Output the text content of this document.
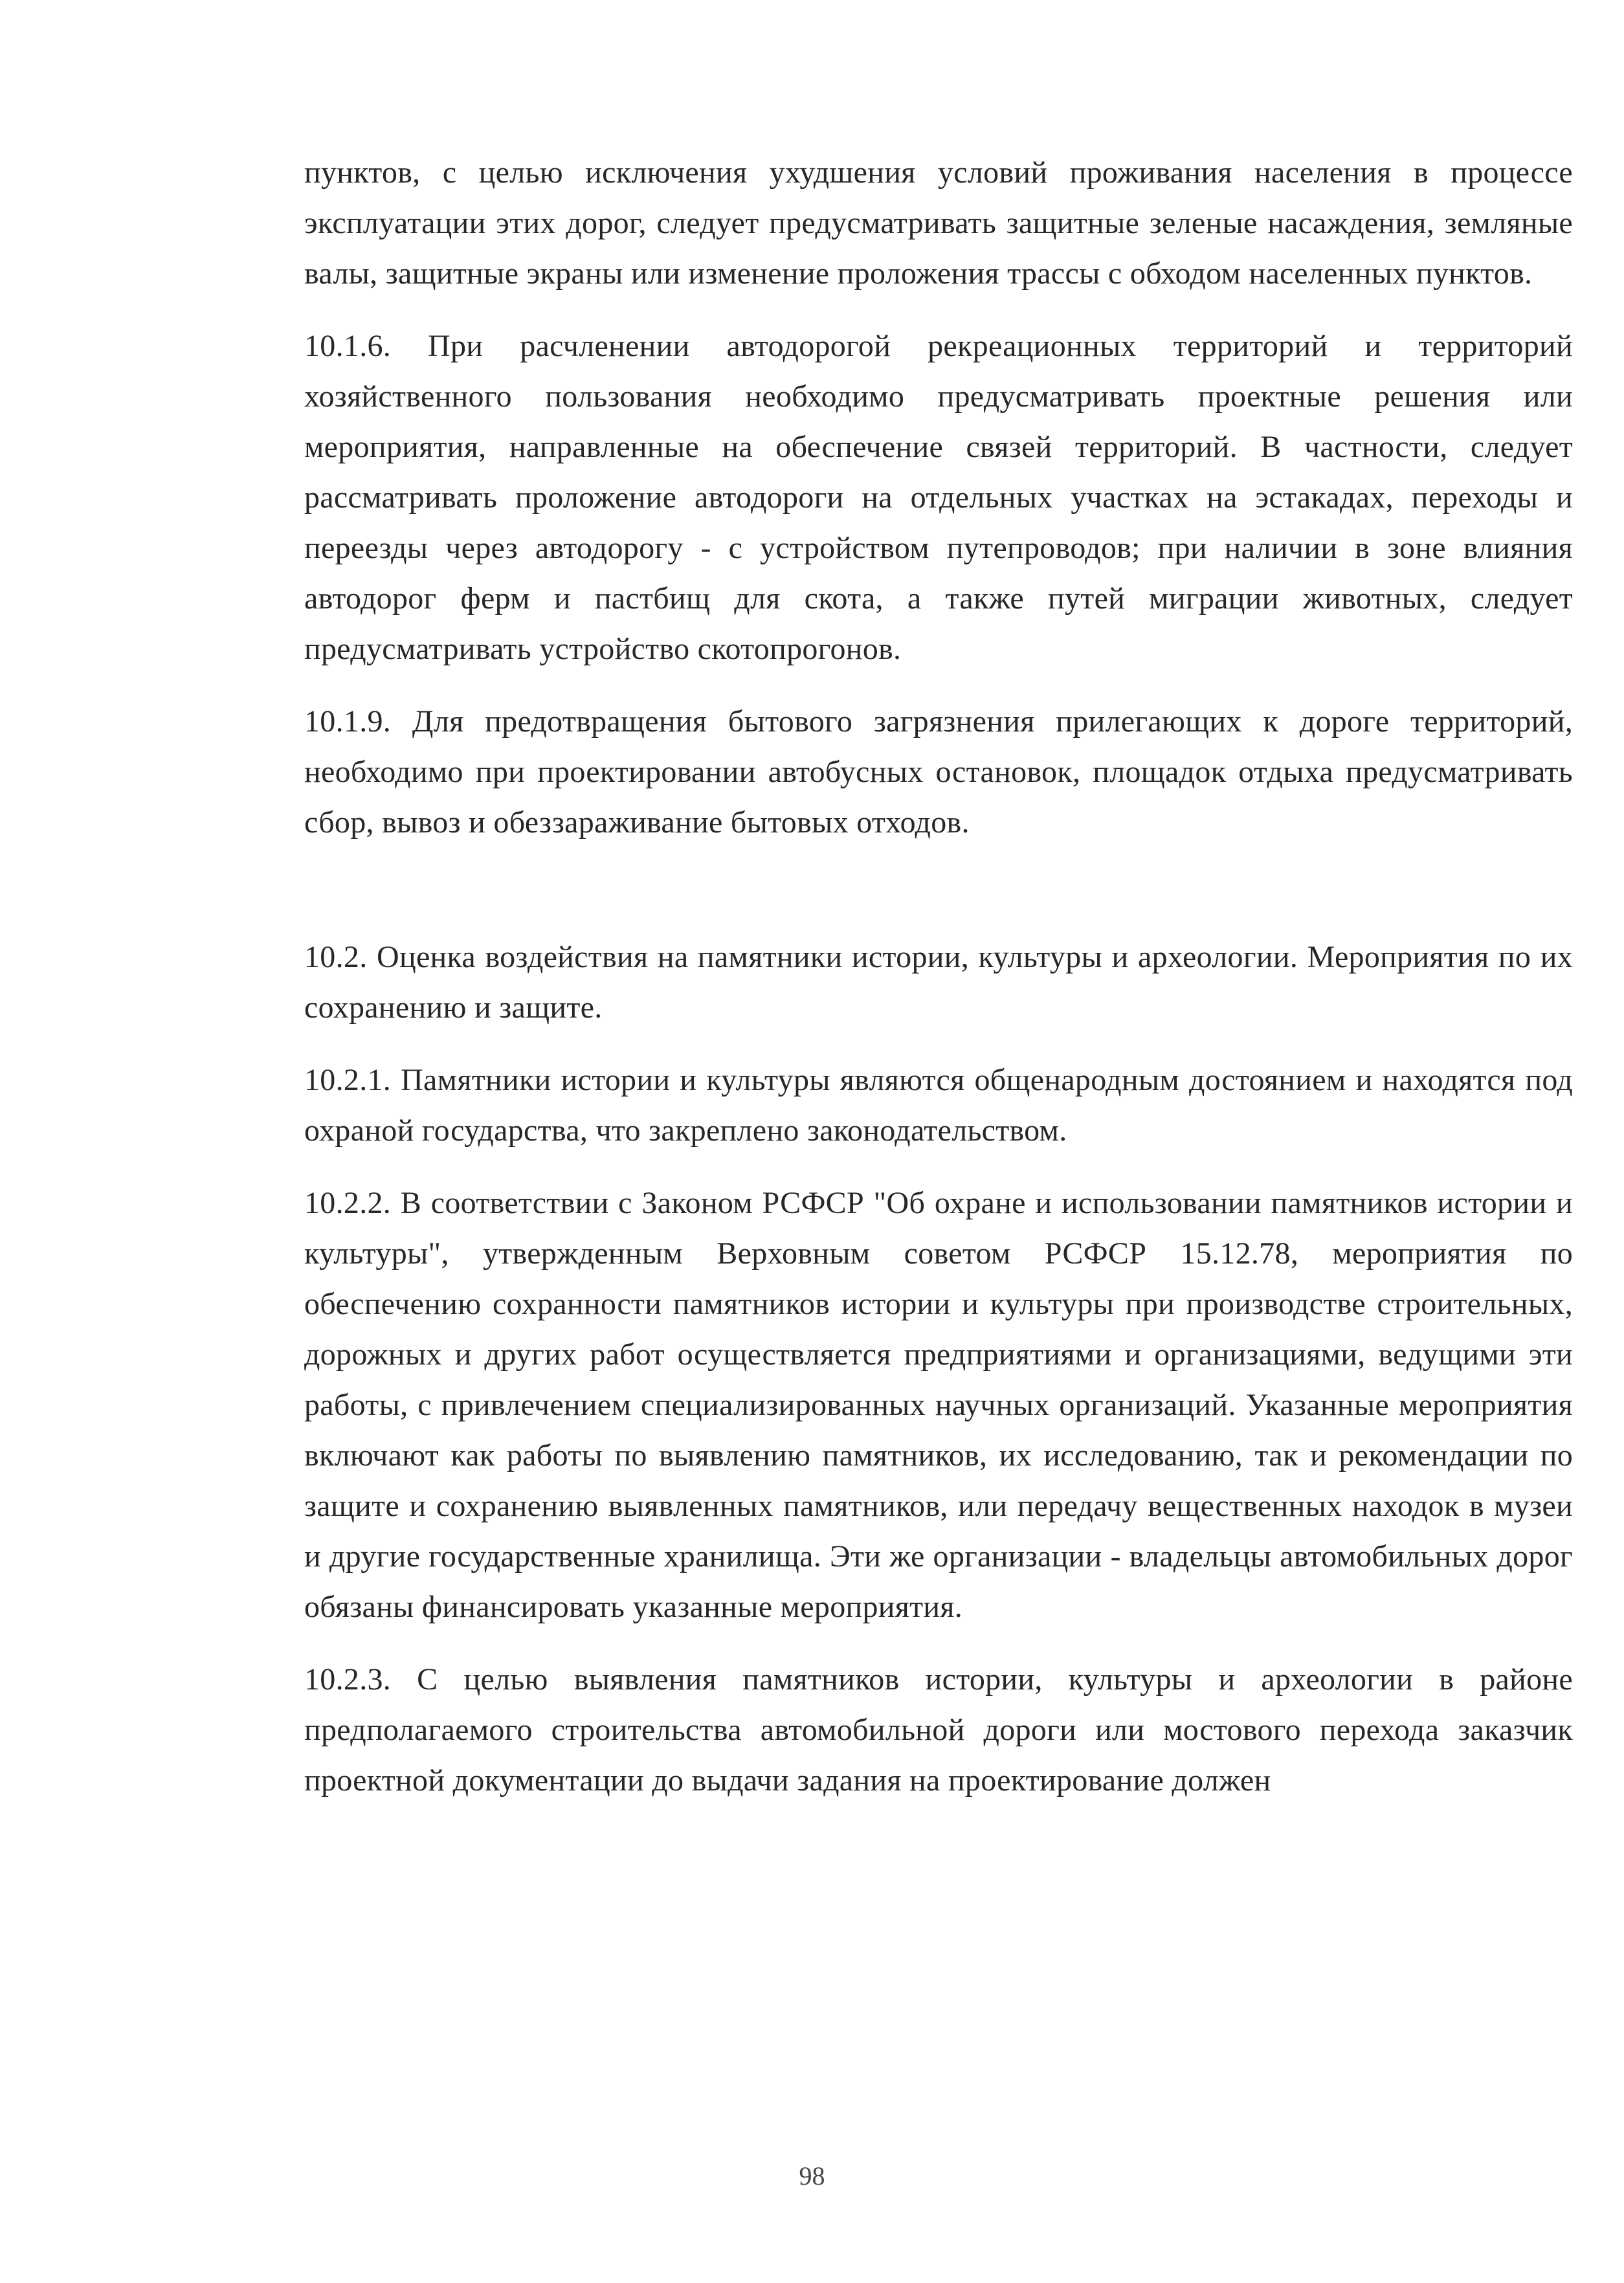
пунктов, с целью исключения ухудшения условий проживания населения в процессе эксплуатации этих дорог, следует предусматривать защитные зеленые насаждения, земляные валы, защитные экраны или изменение проложения трассы с обходом населенных пунктов.

10.1.6. При расчленении автодорогой рекреационных территорий и территорий хозяйственного пользования необходимо предусматривать проектные решения или мероприятия, направленные на обеспечение связей территорий. В частности, следует рассматривать проложение автодороги на отдельных участках на эстакадах, переходы и переезды через автодорогу - с устройством путепроводов; при наличии в зоне влияния автодорог ферм и пастбищ для скота, а также путей миграции животных, следует предусматривать устройство скотопрогонов.

10.1.9. Для предотвращения бытового загрязнения прилегающих к дороге территорий, необходимо при проектировании автобусных остановок, площадок отдыха предусматривать сбор, вывоз и обеззараживание бытовых отходов.

10.2. Оценка воздействия на памятники истории, культуры и археологии. Мероприятия по их сохранению и защите.

10.2.1. Памятники истории и культуры являются общенародным достоянием и находятся под охраной государства, что закреплено законодательством.

10.2.2. В соответствии с Законом РСФСР "Об охране и использовании памятников истории и культуры", утвержденным Верховным советом РСФСР 15.12.78, мероприятия по обеспечению сохранности памятников истории и культуры при производстве строительных, дорожных и других работ осуществляется предприятиями и организациями, ведущими эти работы, с привлечением специализированных научных организаций. Указанные мероприятия включают как работы по выявлению памятников, их исследованию, так и рекомендации по защите и сохранению выявленных памятников, или передачу вещественных находок в музеи и другие государственные хранилища. Эти же организации - владельцы автомобильных дорог обязаны финансировать указанные мероприятия.

10.2.3. С целью выявления памятников истории, культуры и археологии в районе предполагаемого строительства автомобильной дороги или мостового перехода заказчик проектной документации до выдачи задания на проектирование должен

98
